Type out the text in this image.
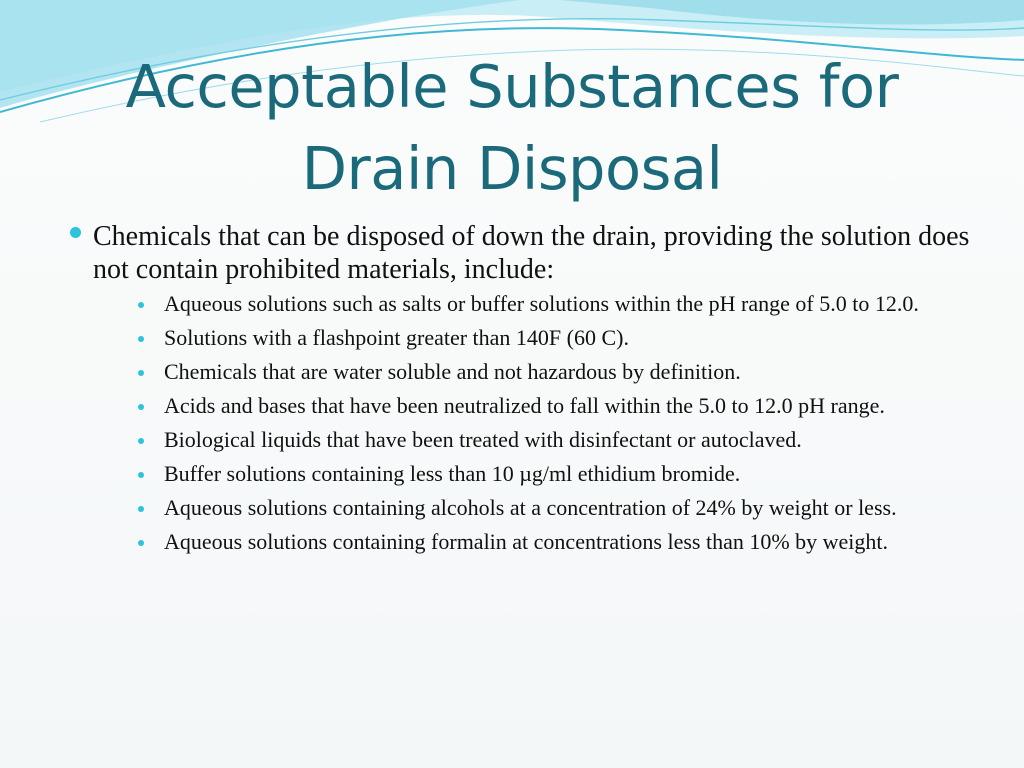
Acceptable Substances for
Drain Disposal
Chemicals that can be disposed of down the drain, providing the solution does not contain prohibited materials, include:
Aqueous solutions such as salts or buffer solutions within the pH range of 5.0 to 12.0.
Solutions with a flashpoint greater than 140F (60 C).
Chemicals that are water soluble and not hazardous by definition.
Acids and bases that have been neutralized to fall within the 5.0 to 12.0 pH range.
Biological liquids that have been treated with disinfectant or autoclaved.
Buffer solutions containing less than 10 µg/ml ethidium bromide.
Aqueous solutions containing alcohols at a concentration of 24% by weight or less.
Aqueous solutions containing formalin at concentrations less than 10% by weight.
